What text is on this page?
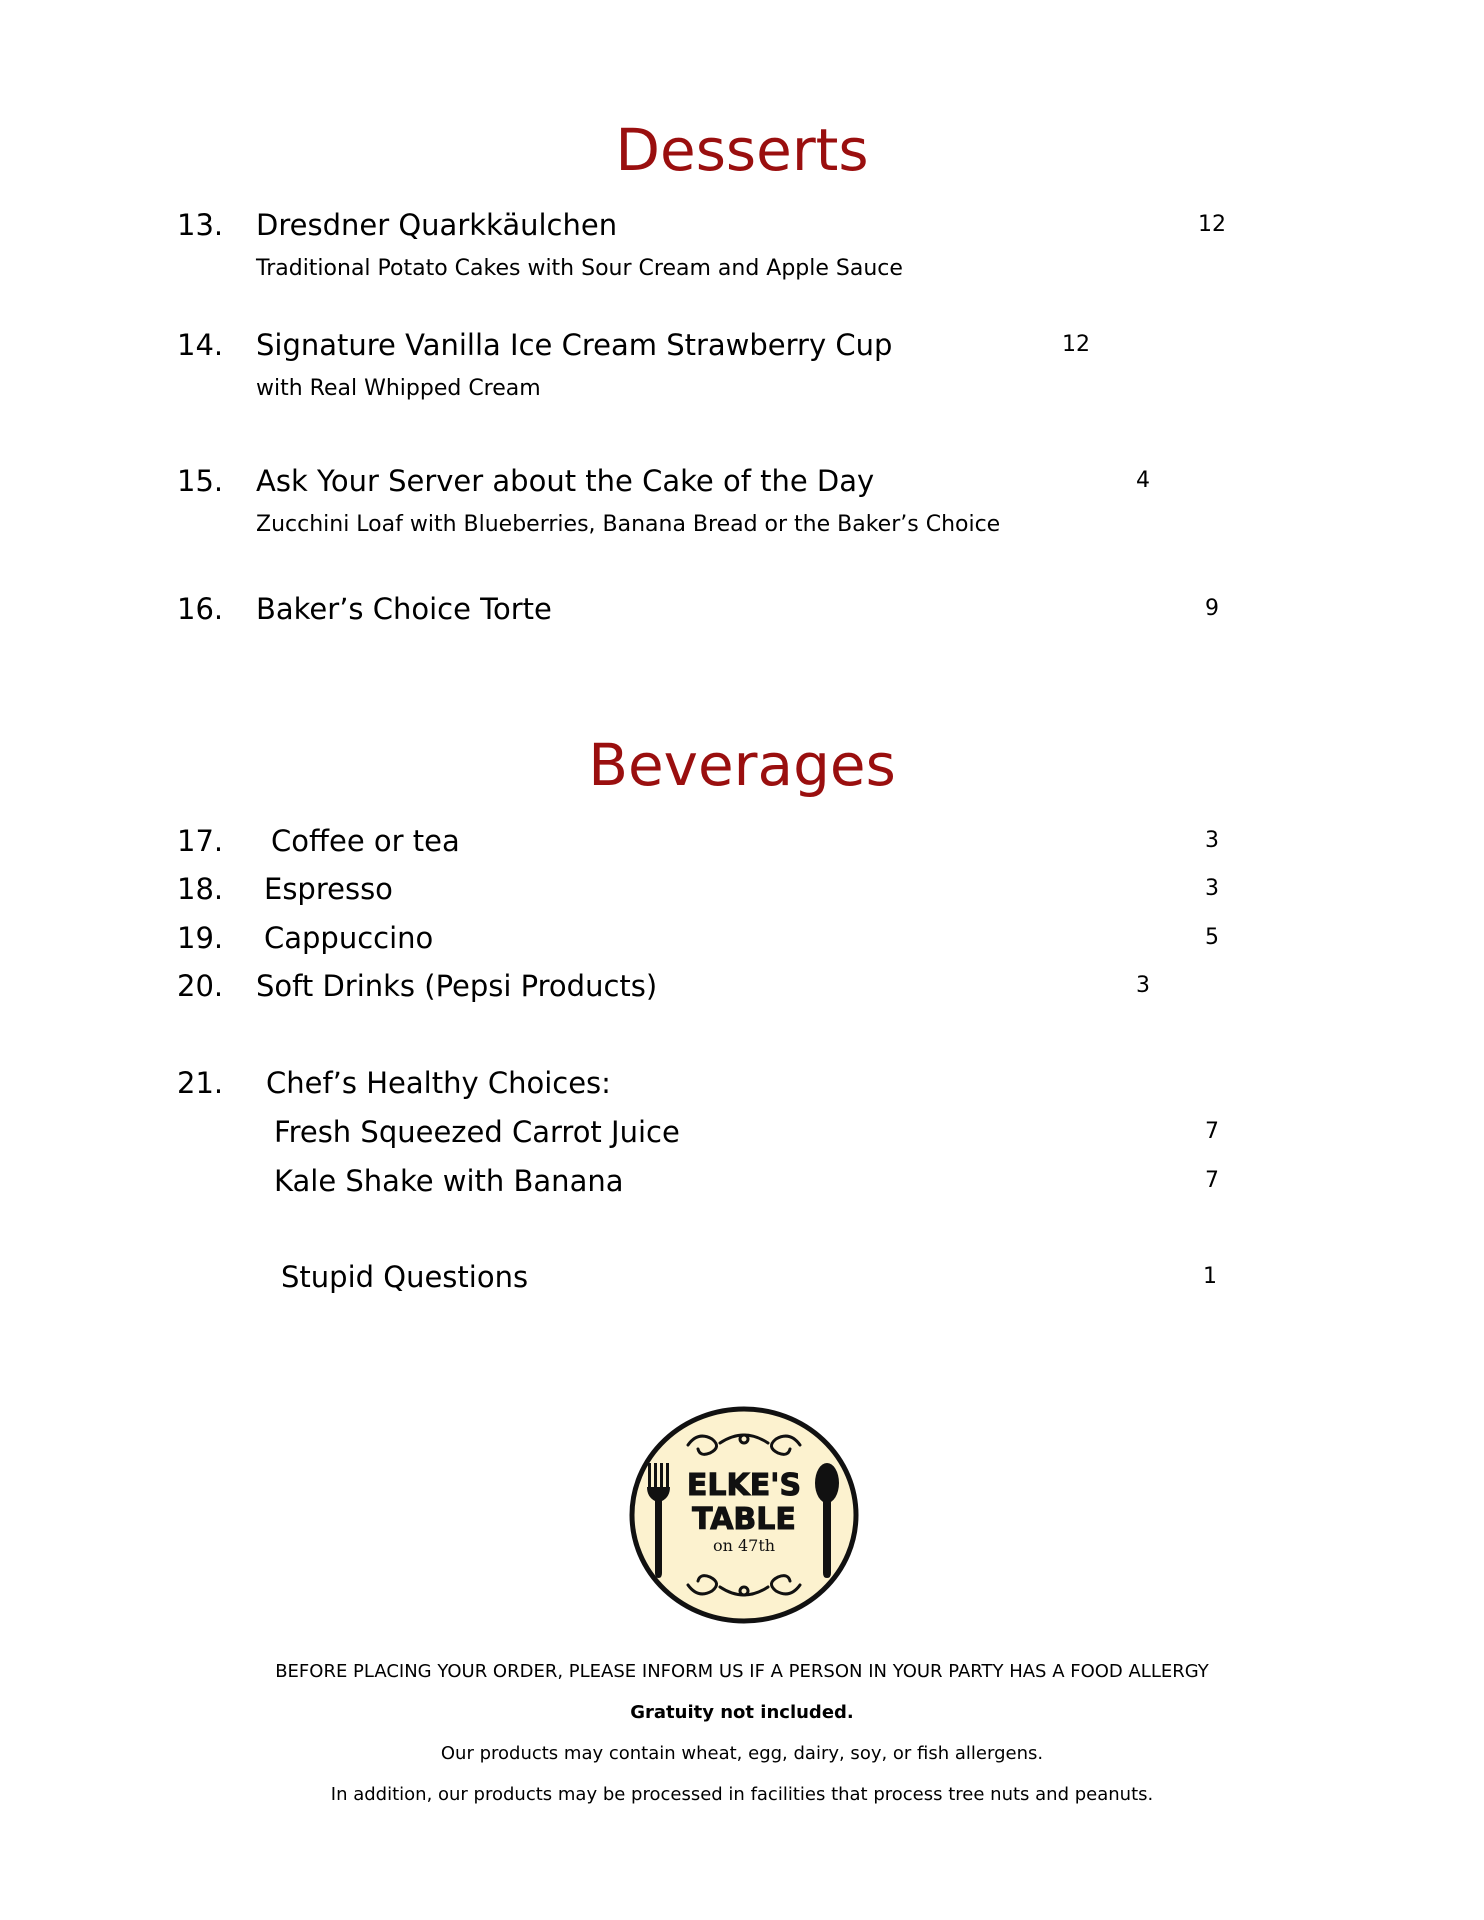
Desserts
13. Dresdner Quarkkäulchen	12
Traditional Potato Cakes with Sour Cream and Apple Sauce
14. Signature Vanilla Ice Cream Strawberry Cup	12
with Real Whipped Cream
15. Ask Your Server about the Cake of the Day	4
Zucchini Loaf with Blueberries, Banana Bread or the Baker’s Choice
16. Baker’s Choice Torte	9
Beverages
17. Coffee or tea	3
18. Espresso	3
19. Cappuccino	5
20. Soft Drinks (Pepsi Products)	3
21. Chef’s Healthy Choices:
Fresh Squeezed Carrot Juice	7
Kale Shake with Banana	7
Stupid Questions	1
ELKE'S
TABLE
on 47th
BEFORE PLACING YOUR ORDER, PLEASE INFORM US IF A PERSON IN YOUR PARTY HAS A FOOD ALLERGY
Gratuity not included.
Our products may contain wheat, egg, dairy, soy, or fish allergens.
In addition, our products may be processed in facilities that process tree nuts and peanuts.
